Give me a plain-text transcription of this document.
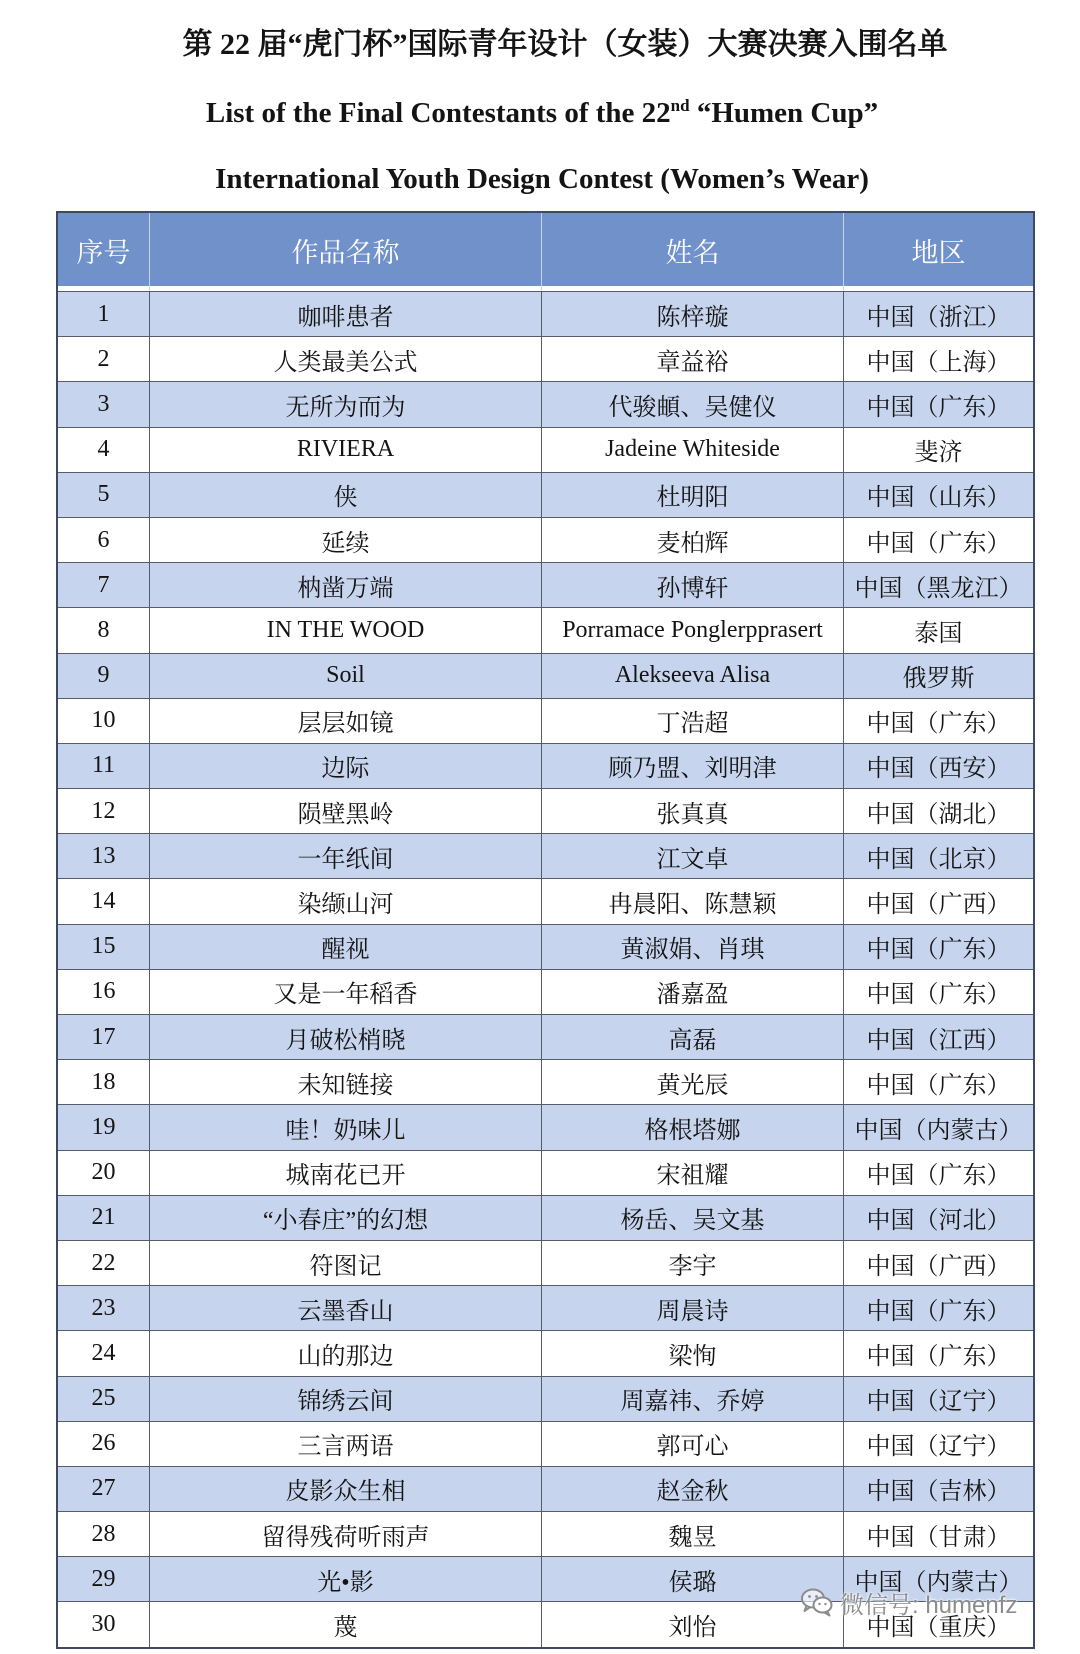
第 22 届“虎门杯”国际青年设计（女装）大赛决赛入围名单
List of the Final Contestants of the 22nd “Humen Cup”
International Youth Design Contest (Women’s Wear)
序号	作品名称	姓名	地区
1	咖啡患者	陈梓璇	中国（浙江）
2	人类最美公式	章益裕	中国（上海）
3	无所为而为	代骏頔、吴健仪	中国（广东）
4	RIVIERA	Jadeine Whiteside	斐济
5	侠	杜明阳	中国（山东）
6	延续	麦柏辉	中国（广东）
7	枘凿万端	孙博轩	中国（黑龙江）
8	IN THE WOOD	Porramace Ponglerpprasert	泰国
9	Soil	Alekseeva Alisa	俄罗斯
10	层层如镜	丁浩超	中国（广东）
11	边际	顾乃盟、刘明津	中国（西安）
12	陨壁黑岭	张真真	中国（湖北）
13	一年纸间	江文卓	中国（北京）
14	染缬山河	冉晨阳、陈慧颖	中国（广西）
15	醒视	黄淑娟、肖琪	中国（广东）
16	又是一年稻香	潘嘉盈	中国（广东）
17	月破松梢晓	高磊	中国（江西）
18	未知链接	黄光辰	中国（广东）
19	哇！奶味儿	格根塔娜	中国（内蒙古）
20	城南花已开	宋祖耀	中国（广东）
21	“小春庄”的幻想	杨岳、吴文基	中国（河北）
22	符图记	李宇	中国（广西）
23	云墨香山	周晨诗	中国（广东）
24	山的那边	梁恂	中国（广东）
25	锦绣云间	周嘉祎、乔婷	中国（辽宁）
26	三言两语	郭可心	中国（辽宁）
27	皮影众生相	赵金秋	中国（吉林）
28	留得残荷听雨声	魏昱	中国（甘肃）
29	光•影	侯璐	中国（内蒙古）
30	蔑	刘怡	中国（重庆）
微信号: humenfz
